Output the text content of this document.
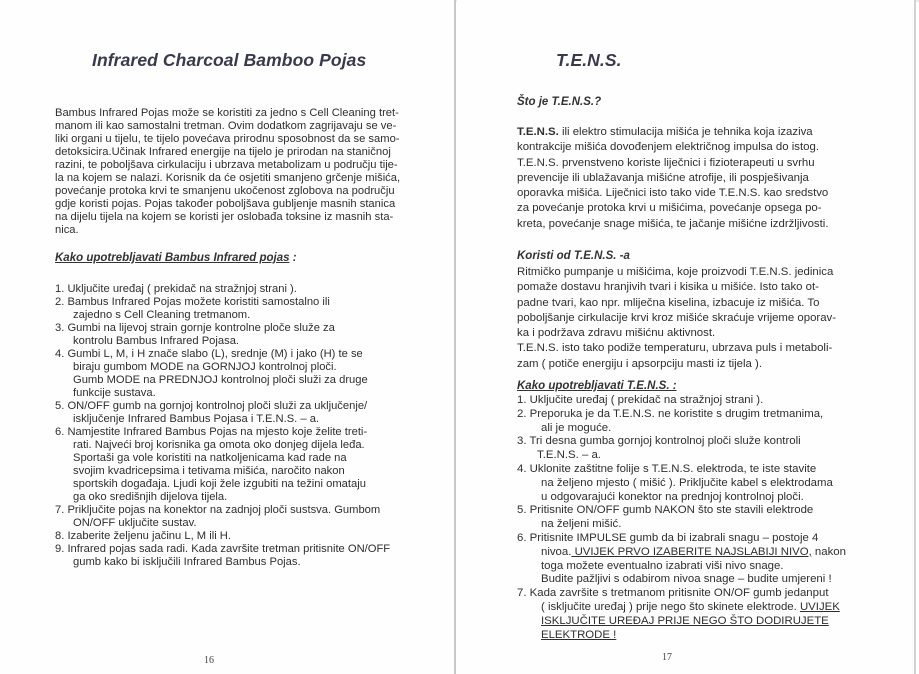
Infrared Charcoal Bamboo Pojas

Bambus Infrared Pojas može se koristiti za jedno s Cell Cleaning tret-

manom ili kao samostalni tretman. Ovim dodatkom zagrijavaju se ve-

liki organi u tijelu, te tijelo povećava prirodnu sposobnost da se samo-

detoksicira.Učinak Infrared energije na tijelo je prirodan na staničnoj

razini, te poboljšava cirkulaciju i ubrzava metabolizam u području tije-

la na kojem se nalazi. Korisnik da će osjetiti smanjeno grčenje mišića,

povećanje protoka krvi te smanjenu ukočenost zglobova na području

gdje koristi pojas. Pojas također poboljšava gubljenje masnih stanica

na dijelu tijela na kojem se koristi jer oslobađa toksine iz masnih sta-

nica.

Kako upotrebljavati Bambus Infrared pojas :
1. Uključite uređaj ( prekidač na stražnjoj strani ).
2. Bambus Infrared Pojas možete koristiti samostalno ili
zajedno s Cell Cleaning tretmanom.
3. Gumbi na lijevoj strain gornje kontrolne ploče služe za
kontrolu Bambus Infrared Pojasa.
4. Gumbi L, M, i H znače slabo (L), srednje (M) i jako (H) te se
biraju gumbom MODE na GORNJOJ kontrolnoj ploči.
Gumb MODE na PREDNJOJ kontrolnoj ploči služi za druge
funkcije sustava.
5. ON/OFF gumb na gornjoj kontrolnoj ploči služi za uključenje/
isključenje Infrared Bambus Pojasa i T.E.N.S. – a.
6. Namjestite Infrared Bambus Pojas na mjesto koje želite treti-
rati. Najveći broj korisnika ga omota oko donjeg dijela leđa.
Sportaši ga vole koristiti na natkoljenicama kad rade na
svojim kvadricepsima i tetivama mišića, naročito nakon
sportskih događaja. Ljudi koji žele izgubiti na težini omataju
ga oko središnjih dijelova tijela.
7. Priključite pojas na konektor na zadnjoj ploči sustsva. Gumbom
ON/OFF uključite sustav.
8. Izaberite željenu jačinu L, M ili H.
9. Infrared pojas sada radi. Kada završite tretman pritisnite ON/OFF
gumb kako bi isključili Infrared Bambus Pojas.
16
T.E.N.S.
Što je T.E.N.S.?

T.E.N.S. ili elektro stimulacija mišića je tehnika koja izaziva

kontrakcije mišića dovođenjem električnog impulsa do istog.

T.E.N.S. prvenstveno koriste liječnici i fizioterapeuti u svrhu

prevencije ili ublažavanja mišićne atrofije, ili pospješivanja

oporavka mišića. Liječnici isto tako vide T.E.N.S. kao sredstvo

za povećanje protoka krvi u mišićima, povećanje opsega po-

kreta, povećanje snage mišića, te jačanje mišićne izdržljivosti.

Koristi od T.E.N.S. -a

Ritmičko pumpanje u mišićima, koje proizvodi T.E.N.S. jedinica

pomaže dostavu hranjivih tvari i kisika u mišiće. Isto tako ot-

padne tvari, kao npr. mliječna kiselina, izbacuje iz mišića. To

poboljšanje cirkulacije krvi kroz mišiće skraćuje vrijeme oporav-

ka i podržava zdravu mišićnu aktivnost.

T.E.N.S. isto tako podiže temperaturu, ubrzava puls i metaboli-

zam ( potiče energiju i apsorpciju masti iz tijela ).

Kako upotrebljavati T.E.N.S. :

1. Uključite uređaj ( prekidač na stražnjoj strani ).

2. Preporuka je da T.E.N.S. ne koristite s drugim tretmanima,

ali je moguće.

3. Tri desna gumba gornjoj kontrolnoj ploči služe kontroli

T.E.N.S. – a.

4. Uklonite zaštitne folije s T.E.N.S. elektroda, te iste stavite

na željeno mjesto ( mišić ). Priključite kabel s elektrodama

u odgovarajući konektor na prednjoj kontrolnoj ploči.

5. Pritisnite ON/OFF gumb NAKON što ste stavili elektrode

na željeni mišić.

6. Pritisnite IMPULSE gumb da bi izabrali snagu – postoje 4

nivoa. UVIJEK PRVO IZABERITE NAJSLABIJI NIVO, nakon

toga možete eventualno izabrati viši nivo snage.

Budite pažljivi s odabirom nivoa snage – budite umjereni !

7. Kada završite s tretmanom pritisnite ON/OF gumb jedanput

( isključite uređaj ) prije nego što skinete elektrode. UVIJEK

ISKLJUČITE UREĐAJ PRIJE NEGO ŠTO DODIRUJETE

ELEKTRODE !

17
